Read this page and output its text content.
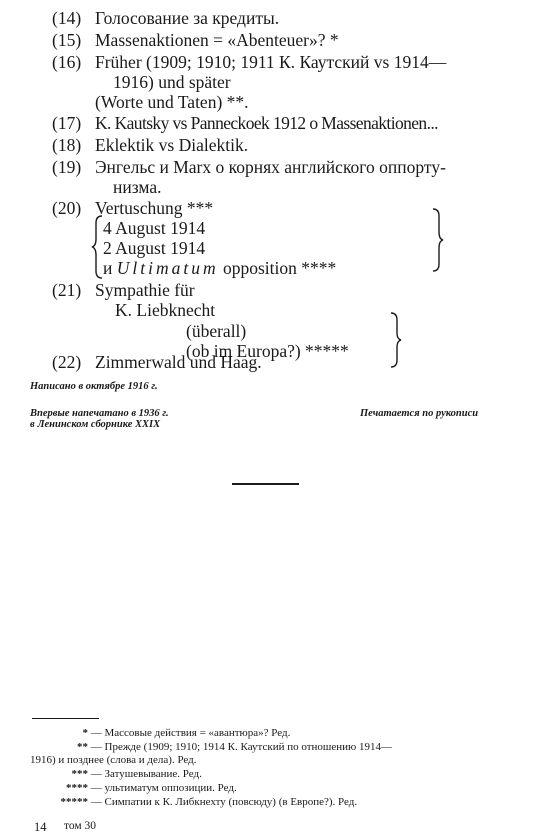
(14) Голосование за кредиты.
(15) Massenaktionen = «Abenteuer»? *
(16) Früher (1909; 1910; 1911 К. Каутский vs 1914—
1916) und später
(Worte und Taten) **.
(17) K. Kautsky vs Panneckoek 1912 о Massenaktionen...
(18) Eklektik vs Dialektik.
(19) Энгельс и Marx о корнях английского оппорту-
низма.
(20) Vertuschung ***
4 August 1914
2 August 1914
и Ultimatum opposition ****
(21) Sympathie für
K. Liebknecht
(überall)
(ob im Europa?) *****
(22) Zimmerwald und Haag.
Написано в октябре 1916 г.
Впервые напечатано в 1936 г.
в Ленинском сборнике XXIX
Печатается по рукописи
* — Массовые действия = «авантюра»? Ред.
** — Прежде (1909; 1910; 1914 К. Каутский по отношению 1914—
1916) и позднее (слова и дела). Ред.
*** — Затушевывание. Ред.
**** — ультиматум оппозиции. Ред.
***** — Симпатии к К. Либкнехту (повсюду) (в Европе?). Ред.
14 том 30
